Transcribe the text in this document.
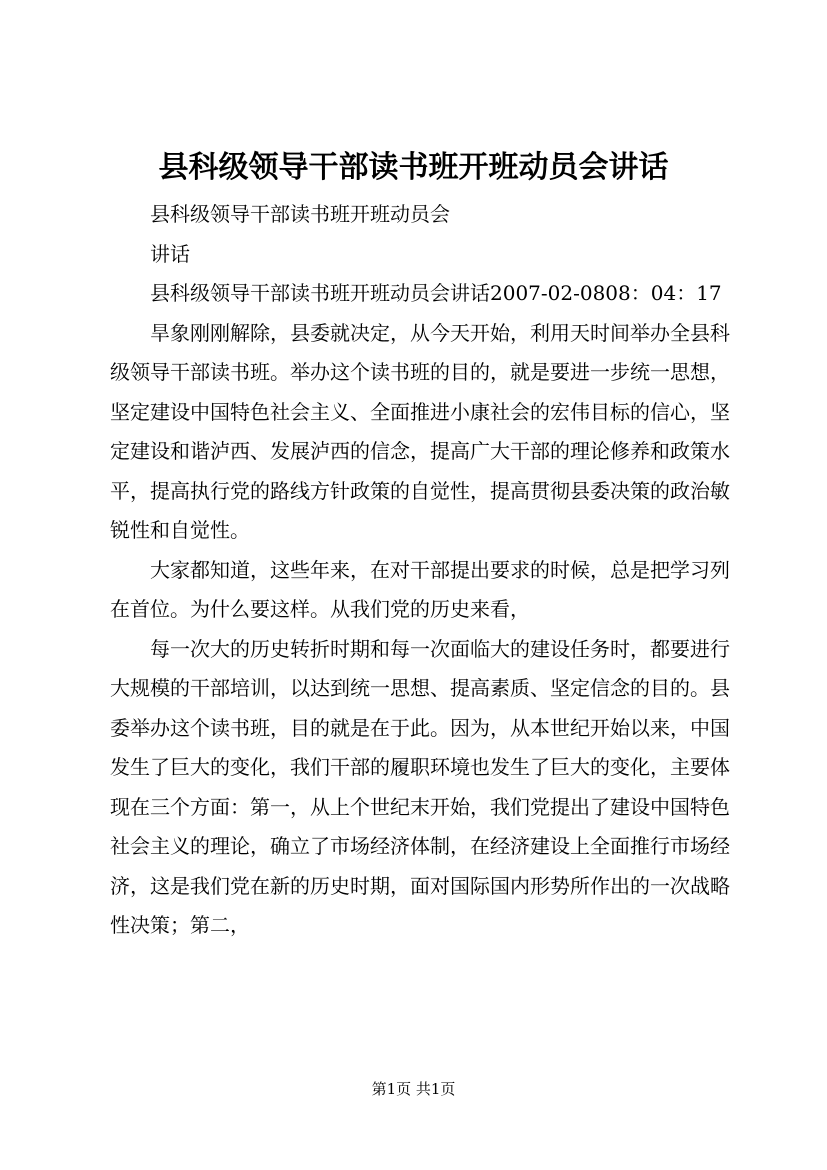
县科级领导干部读书班开班动员会讲话

县科级领导干部读书班开班动员会

讲话

县科级领导干部读书班开班动员会讲话2007-02-0808：04：17

旱象刚刚解除，县委就决定，从今天开始，利用天时间举办全县科级领导干部读书班。举办这个读书班的目的，就是要进一步统一思想，坚定建设中国特色社会主义、全面推进小康社会的宏伟目标的信心，坚定建设和谐泸西、发展泸西的信念，提高广大干部的理论修养和政策水平，提高执行党的路线方针政策的自觉性，提高贯彻县委决策的政治敏锐性和自觉性。

大家都知道，这些年来，在对干部提出要求的时候，总是把学习列在首位。为什么要这样。从我们党的历史来看，

每一次大的历史转折时期和每一次面临大的建设任务时，都要进行大规模的干部培训，以达到统一思想、提高素质、坚定信念的目的。县委举办这个读书班，目的就是在于此。因为，从本世纪开始以来，中国发生了巨大的变化，我们干部的履职环境也发生了巨大的变化，主要体现在三个方面：第一，从上个世纪末开始，我们党提出了建设中国特色社会主义的理论，确立了市场经济体制，在经济建设上全面推行市场经济，这是我们党在新的历史时期，面对国际国内形势所作出的一次战略性决策；第二，

第1页 共1页
